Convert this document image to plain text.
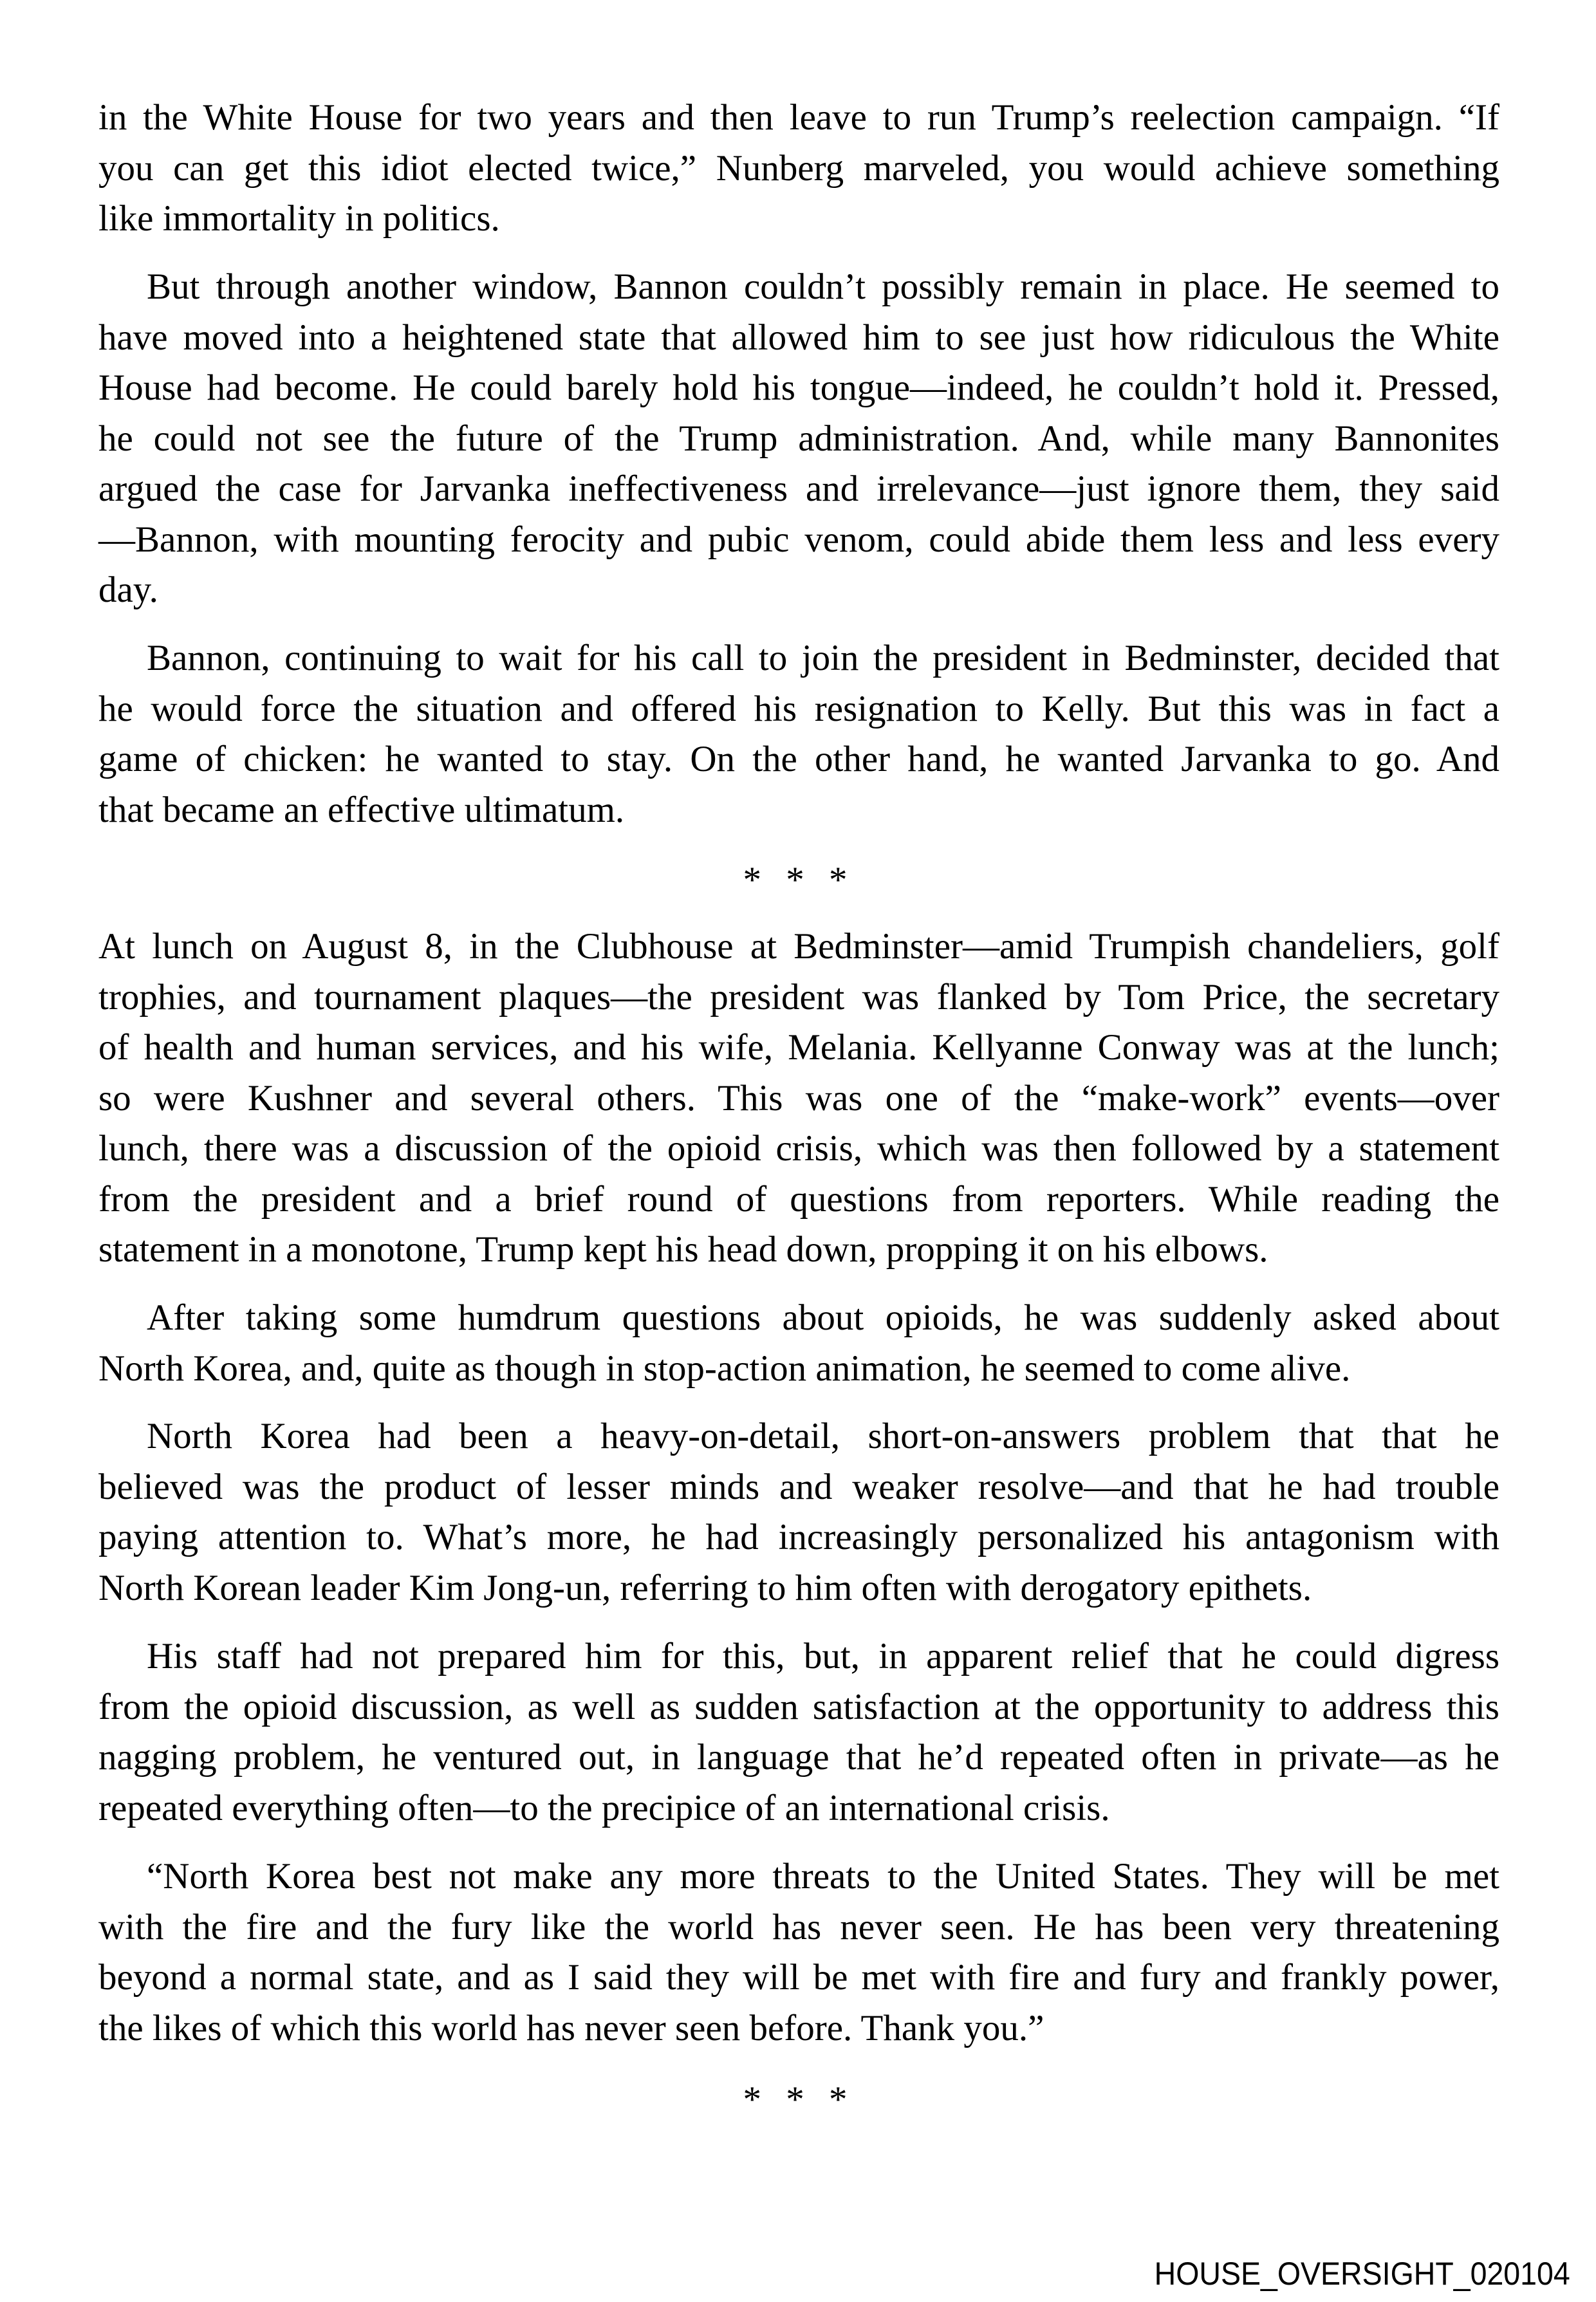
in the White House for two years and then leave to run Trump’s reelection campaign. “If
you can get this idiot elected twice,” Nunberg marveled, you would achieve something
like immortality in politics.
But through another window, Bannon couldn’t possibly remain in place. He seemed to
have moved into a heightened state that allowed him to see just how ridiculous the White
House had become. He could barely hold his tongue—indeed, he couldn’t hold it. Pressed,
he could not see the future of the Trump administration. And, while many Bannonites
argued the case for Jarvanka ineffectiveness and irrelevance—just ignore them, they said
—Bannon, with mounting ferocity and pubic venom, could abide them less and less every
day.
Bannon, continuing to wait for his call to join the president in Bedminster, decided that
he would force the situation and offered his resignation to Kelly. But this was in fact a
game of chicken: he wanted to stay. On the other hand, he wanted Jarvanka to go. And
that became an effective ultimatum.
At lunch on August 8, in the Clubhouse at Bedminster—amid Trumpish chandeliers, golf
trophies, and tournament plaques—the president was flanked by Tom Price, the secretary
of health and human services, and his wife, Melania. Kellyanne Conway was at the lunch;
so were Kushner and several others. This was one of the “make-work” events—over
lunch, there was a discussion of the opioid crisis, which was then followed by a statement
from the president and a brief round of questions from reporters. While reading the
statement in a monotone, Trump kept his head down, propping it on his elbows.
After taking some humdrum questions about opioids, he was suddenly asked about
North Korea, and, quite as though in stop-action animation, he seemed to come alive.
North Korea had been a heavy-on-detail, short-on-answers problem that that he
believed was the product of lesser minds and weaker resolve—and that he had trouble
paying attention to. What’s more, he had increasingly personalized his antagonism with
North Korean leader Kim Jong-un, referring to him often with derogatory epithets.
His staff had not prepared him for this, but, in apparent relief that he could digress
from the opioid discussion, as well as sudden satisfaction at the opportunity to address this
nagging problem, he ventured out, in language that he’d repeated often in private—as he
repeated everything often—to the precipice of an international crisis.
“North Korea best not make any more threats to the United States. They will be met
with the fire and the fury like the world has never seen. He has been very threatening
beyond a normal state, and as I said they will be met with fire and fury and frankly power,
the likes of which this world has never seen before. Thank you.”
* * *
* * *
HOUSE_OVERSIGHT_020104
